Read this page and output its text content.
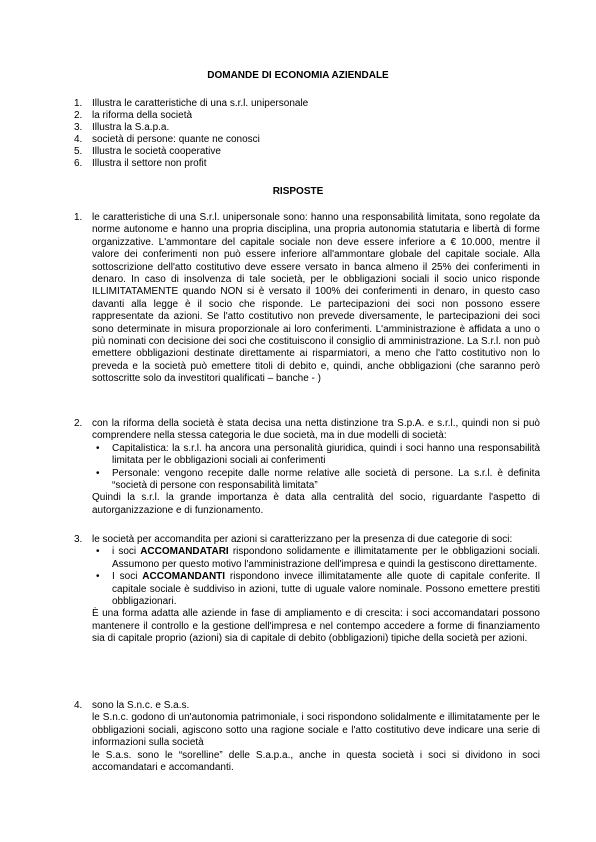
DOMANDE DI ECONOMIA AZIENDALE
1. Illustra le caratteristiche di una s.r.l. unipersonale
2. la riforma della società
3. Illustra la S.a.p.a.
4. società di persone: quante ne conosci
5. Illustra le società cooperative
6. Illustra il settore non profit
RISPOSTE
1. le caratteristiche di una S.r.l. unipersonale sono: hanno una responsabilità limitata, sono regolate da norme autonome e hanno una propria disciplina, una propria autonomia statutaria e libertà di forme organizzative. L'ammontare del capitale sociale non deve essere inferiore a € 10.000, mentre il valore dei conferimenti non può essere inferiore all'ammontare globale del capitale sociale. Alla sottoscrizione dell'atto costitutivo deve essere versato in banca almeno il 25% dei conferimenti in denaro. In caso di insolvenza di tale società, per le obbligazioni sociali il socio unico risponde ILLIMITATAMENTE quando NON si è versato il 100% dei conferimenti in denaro, in questo caso davanti alla legge è il socio che risponde. Le partecipazioni dei soci non possono essere rappresentate da azioni. Se l'atto costitutivo non prevede diversamente, le partecipazioni dei soci sono determinate in misura proporzionale ai loro conferimenti. L'amministrazione è affidata a uno o più nominati con decisione dei soci che costituiscono il consiglio di amministrazione. La S.r.l. non può emettere obbligazioni destinate direttamente ai risparmiatori, a meno che l'atto costitutivo non lo preveda e la società può emettere titoli di debito e, quindi, anche obbligazioni (che saranno però sottoscritte solo da investitori qualificati – banche - )

2. con la riforma della società è stata decisa una netta distinzione tra S.p.A. e s.r.l., quindi non si può comprendere nella stessa categoria le due società, ma in due modelli di società:

• Capitalistica: la s.r.l. ha ancora una personalità giuridica, quindi i soci hanno una responsabilità limitata per le obbligazioni sociali ai conferimenti
• Personale: vengono recepite dalle norme relative alle società di persone. La s.r.l. è definita “società di persone con responsabilità limitata”

Quindi la s.r.l. la grande importanza è data alla centralità del socio, riguardante l'aspetto di autorganizzazione e di funzionamento.

3. le società per accomandita per azioni si caratterizzano per la presenza di due categorie di soci:

• i soci ACCOMANDATARI rispondono solidamente e illimitatamente per le obbligazioni sociali. Assumono per questo motivo l'amministrazione dell'impresa e quindi la gestiscono direttamente.
• I soci ACCOMANDANTI rispondono invece illimitatamente alle quote di capitale conferite. Il capitale sociale è suddiviso in azioni, tutte di uguale valore nominale. Possono emettere prestiti obbligazionari.

È una forma adatta alle aziende in fase di ampliamento e di crescita: i soci accomandatari possono mantenere il controllo e la gestione dell'impresa e nel contempo accedere a forme di finanziamento sia di capitale proprio (azioni) sia di capitale di debito (obbligazioni) tipiche della società per azioni.

4. sono la S.n.c. e S.a.s.

le S.n.c. godono di un'autonomia patrimoniale, i soci rispondono solidalmente e illimitatamente per le obbligazioni sociali, agiscono sotto una ragione sociale e l'atto costitutivo deve indicare una serie di informazioni sulla società

le S.a.s. sono le “sorelline” delle S.a.p.a., anche in questa società i soci si dividono in soci accomandatari e accomandanti.
